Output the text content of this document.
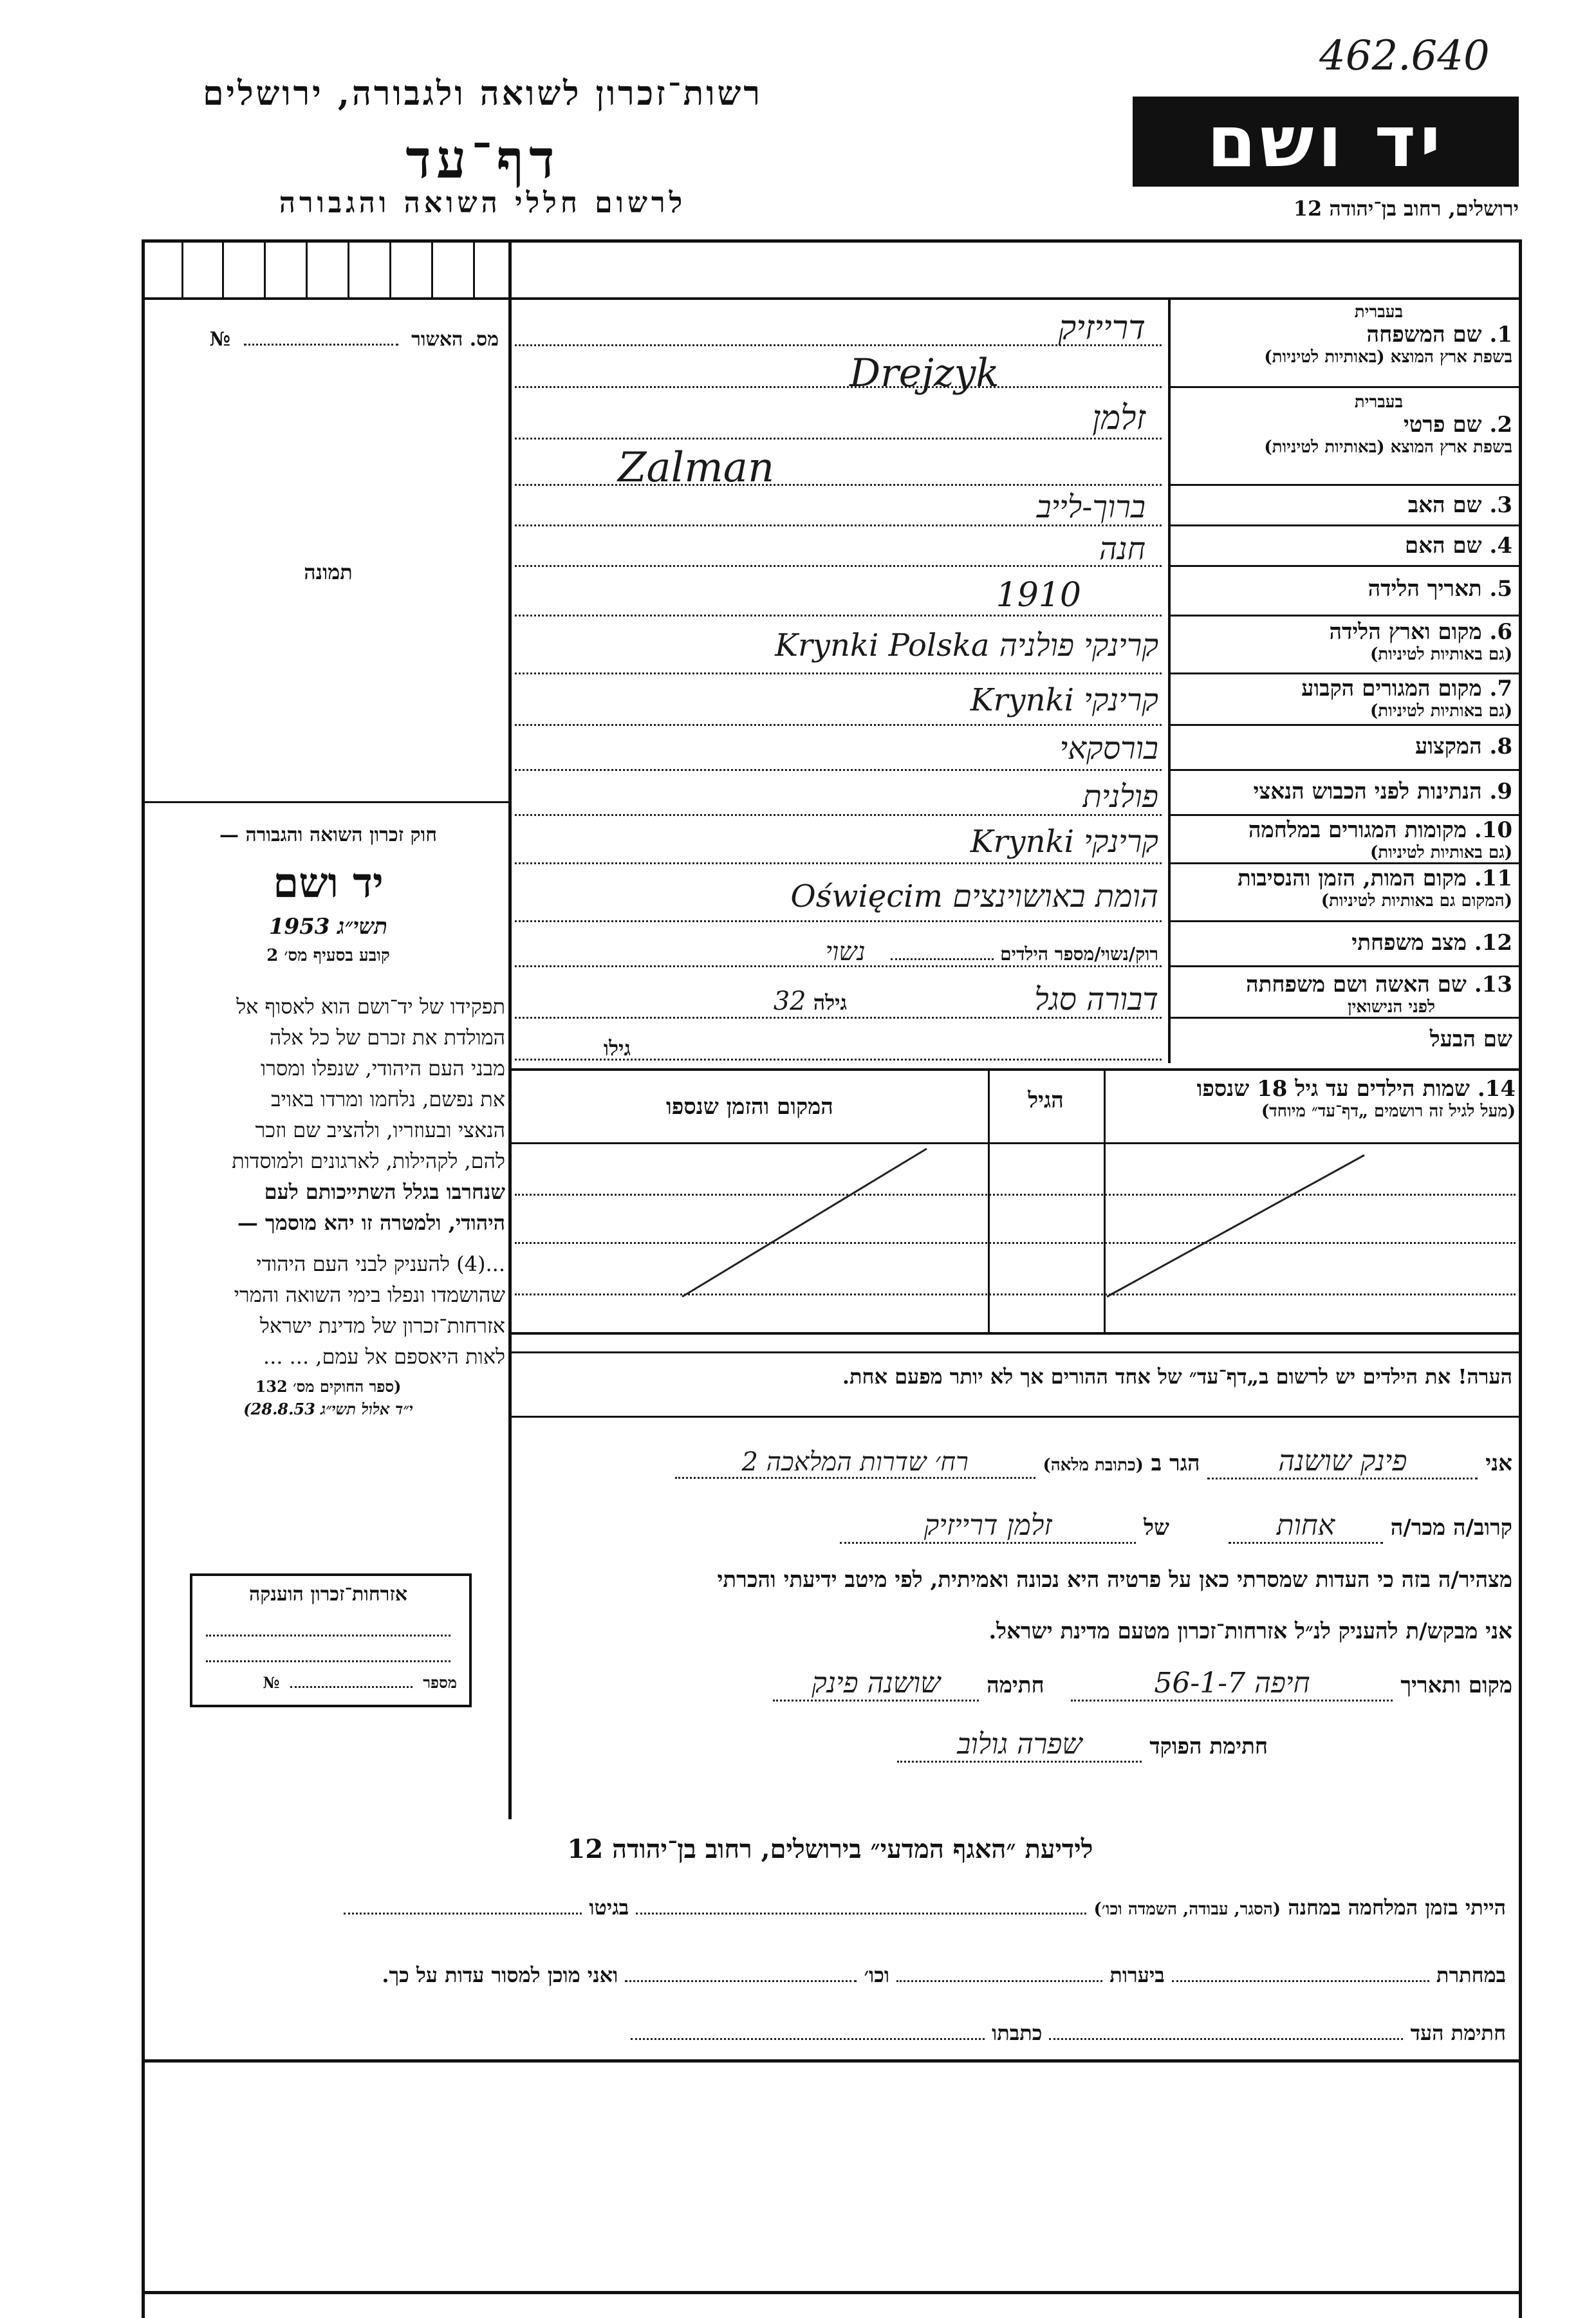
רשות־זכרון לשואה ולגבורה, ירושלים
דף־עד
לרשום חללי השואה והגבורה
462.640
יד ושם
ירושלים, רחוב בן־יהודה 12
מס. האשור  №
תמונה
חוק זכרון השואה והגבורה —
יד ושם
תשי״ג 1953
קובע בסעיף מס׳ 2
תפקידו של יד־ושם הוא לאסוף אל
המולדת את זכרם של כל אלה
מבני העם היהודי, שנפלו ומסרו
את נפשם, נלחמו ומרדו באויב
הנאצי ובעוזריו, ולהציב שם וזכר
להם, לקהילות, לארגונים ולמוסדות
שנחרבו בגלל השתייכותם לעם
היהודי, ולמטרה זו יהא מוסמך —
...(4) להעניק לבני העם היהודי
שהושמדו ונפלו בימי השואה והמרי
אזרחות־זכרון של מדינת ישראל
לאות היאספם אל עמם, ... ...
(ספר החוקים מס׳ 132
י״ד אלול תשי״ג 28.8.53)
אזרחות־זכרון הוענקה
מספר  №
בעברית
1. שם המשפחה
בשפת ארץ המוצא (באותיות לטיניות)
בעברית
2. שם פרטי
בשפת ארץ המוצא (באותיות לטיניות)
3. שם האב
4. שם האם
5. תאריך הלידה
6. מקום וארץ הלידה
(גם באותיות לטיניות)
7. מקום המגורים הקבוע
(גם באותיות לטיניות)
8. המקצוע
9. הנתינות לפני הכבוש הנאצי
10. מקומות המגורים במלחמה
(גם באותיות לטיניות)
11. מקום המות, הזמן והנסיבות
(המקום גם באותיות לטיניות)
12. מצב משפחתי
13. שם האשה ושם משפחתה
לפני הנישואין
שם הבעל
דרייזיק
Drejzyk
זלמן
Zalman
ברוך-לייב
חנה
1910
קרינקי פולניה Krynki Polska
קרינקי Krynki
בורסקאי
פולנית
קרינקי Krynki
הומת באושוינצים Oświęcim
רוק/נשוי/מספר הילדים  נשוי
דבורה סגל גילה 32
גילו
14. שמות הילדים עד גיל 18 שנספו
(מעל לגיל זה רושמים „דף־עד״ מיוחד)
הגיל
המקום והזמן שנספו
הערה! את הילדים יש לרשום ב„דף־עד״ של אחד ההורים אך לא יותר מפעם אחת.
אני פינק שושנה הגר ב (כתובת מלאה) רח׳ שדרות המלאכה 2
קרוב/ה מכר/ה אחות של זלמן דרייזיק
מצהיר/ה בזה כי העדות שמסרתי כאן על פרטיה היא נכונה ואמיתית, לפי מיטב ידיעתי והכרתי
אני מבקש/ת להעניק לנ״ל אזרחות־זכרון מטעם מדינת ישראל.
מקום ותאריך חיפה 56-1-7 חתימה שושנה פינק
חתימת הפוקד שפרה גולוב
לידיעת ״האגף המדעי״ בירושלים, רחוב בן־יהודה 12
הייתי בזמן המלחמה במחנה (הסגר, עבודה, השמדה וכו׳)  בגיטו
במחתרת  ביערות  וכו׳  ואני מוכן למסור עדות על כך.
חתימת העד  כתבתו
